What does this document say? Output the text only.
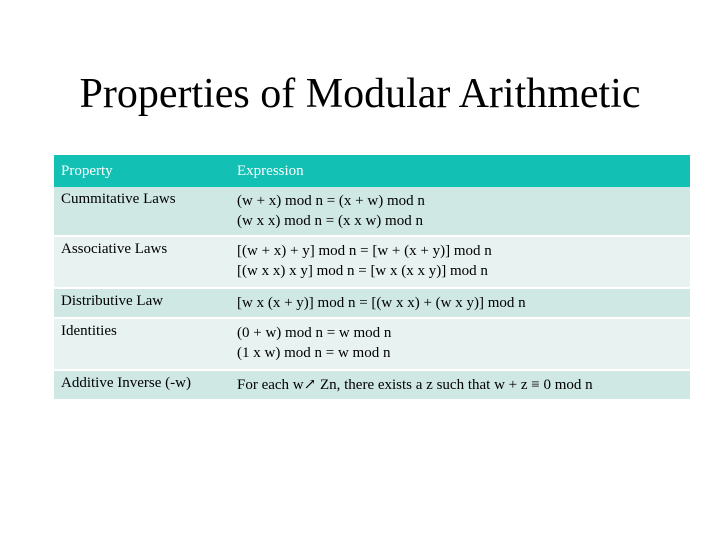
Properties of Modular Arithmetic
Property	Expression
Cummitative Laws	(w + x) mod n = (x + w) mod n
(w x x) mod n = (x x w) mod n

Associative Laws	[(w + x) + y] mod n = [w + (x + y)] mod n
[(w x x) x y] mod n = [w x (x x y)] mod n

Distributive Law	[w x (x + y)] mod n = [(w x x) + (w x y)] mod n

Identities	(0 + w) mod n = w mod n
(1 x w) mod n = w mod n

Additive Inverse (-w)	For each w↗ Zn, there exists a z such that w + z ≡ 0 mod n
